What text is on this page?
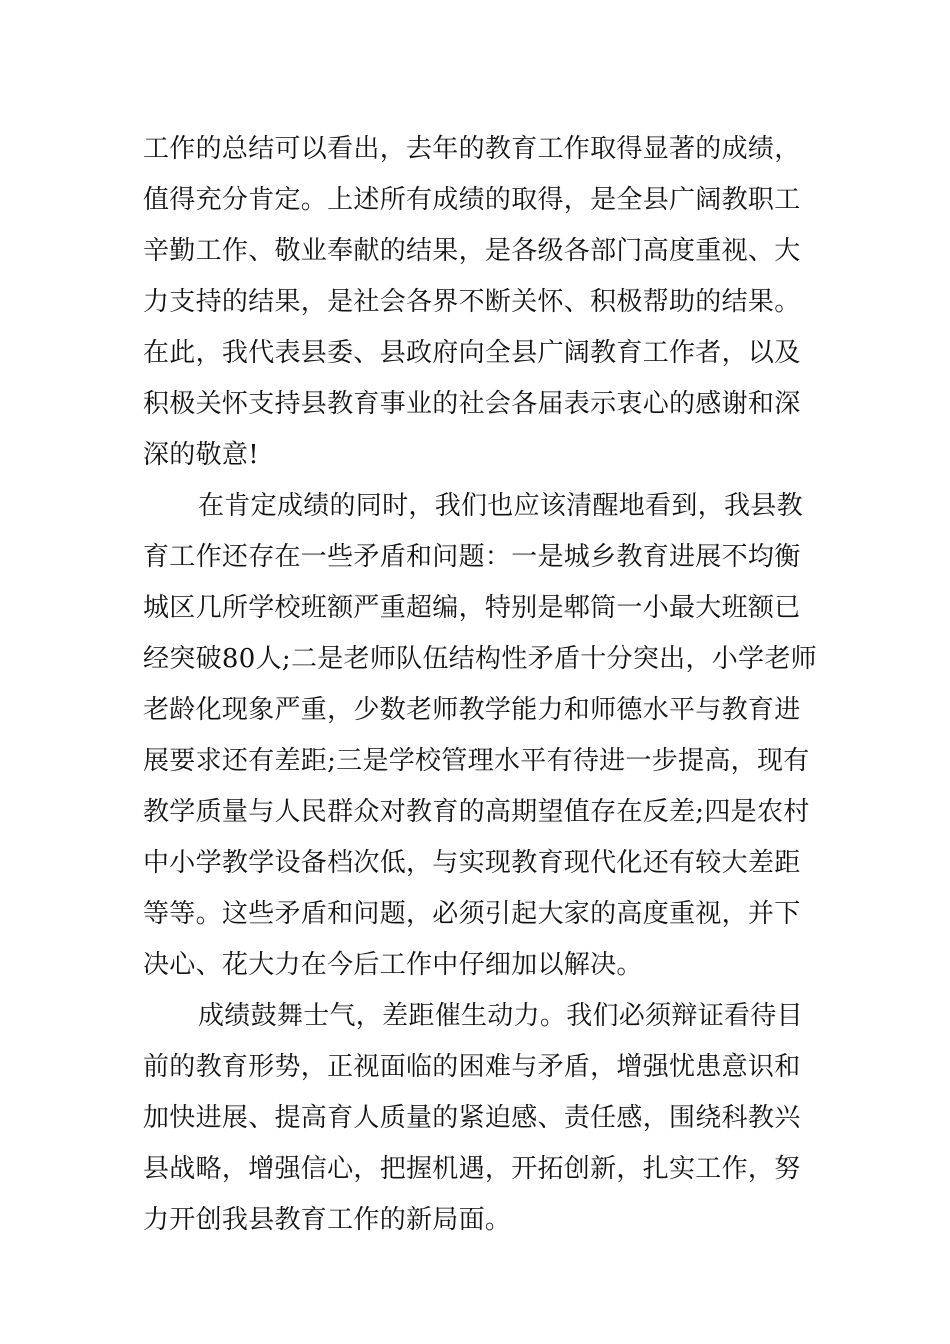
工作的总结可以看出，去年的教育工作取得显著的成绩，
值得充分肯定。上述所有成绩的取得，是全县广阔教职工
辛勤工作、敬业奉献的结果，是各级各部门高度重视、大
力支持的结果，是社会各界不断关怀、积极帮助的结果。
在此，我代表县委、县政府向全县广阔教育工作者，以及
积极关怀支持县教育事业的社会各届表示衷心的感谢和深
深的敬意!
在肯定成绩的同时，我们也应该清醒地看到，我县教
育工作还存在一些矛盾和问题：一是城乡教育进展不均衡
城区几所学校班额严重超编，特别是郫筒一小最大班额已
经突破80人;二是老师队伍结构性矛盾十分突出，小学老师
老龄化现象严重，少数老师教学能力和师德水平与教育进
展要求还有差距;三是学校管理水平有待进一步提高，现有
教学质量与人民群众对教育的高期望值存在反差;四是农村
中小学教学设备档次低，与实现教育现代化还有较大差距
等等。这些矛盾和问题，必须引起大家的高度重视，并下
决心、花大力在今后工作中仔细加以解决。
成绩鼓舞士气，差距催生动力。我们必须辩证看待目
前的教育形势，正视面临的困难与矛盾，增强忧患意识和
加快进展、提高育人质量的紧迫感、责任感，围绕科教兴
县战略，增强信心，把握机遇，开拓创新，扎实工作，努
力开创我县教育工作的新局面。
